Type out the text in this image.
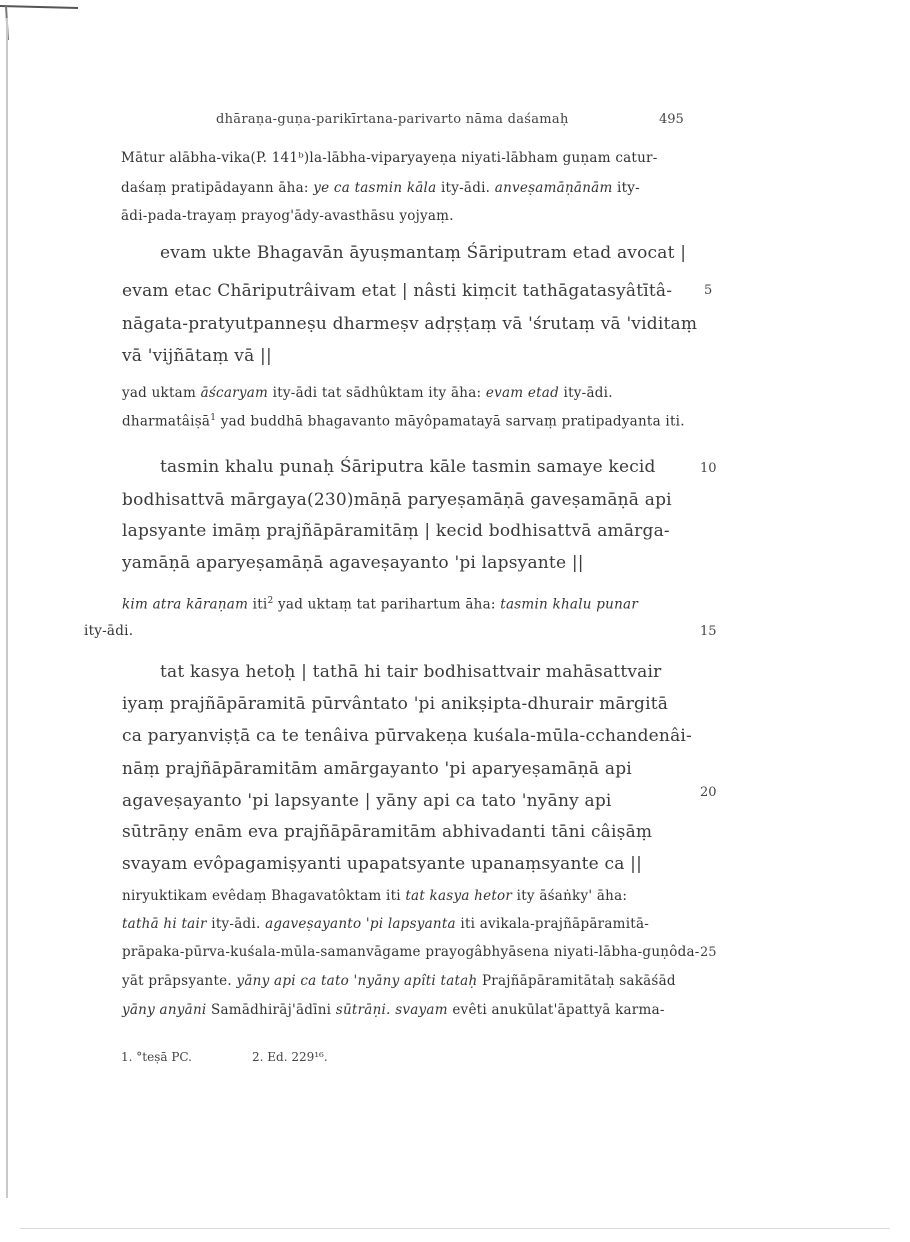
dhāraṇa-guṇa-parikīrtana-parivarto nāma daśamaḥ	495
Mātur alābha-vika(P. 141ᵇ)la-lābha-viparyayeṇa niyati-lābham guṇam catur-
daśaṃ pratipādayann āha: ye ca tasmin kāla ity-ādi. anveṣamāṇānām ity-
ādi-pada-trayaṃ prayog'ādy-avasthāsu yojyaṃ.
evam ukte Bhagavān āyuṣmantaṃ Śāriputram etad avocat |
evam etac Chāriputrâivam etat | nâsti kiṃcit tathāgatasyâtītâ-
nāgata-pratyutpanneṣu dharmeṣv adṛṣṭaṃ vā 'śrutaṃ vā 'viditaṃ
vā 'vijñātaṃ vā ||
5
yad uktam āścaryam ity-ādi tat sādhûktam ity āha: evam etad ity-ādi.
dharmatâiṣā$^1$ yad buddhā bhagavanto māyôpamatayā sarvaṃ pratipadyanta iti.
tasmin khalu punaḥ Śāriputra kāle tasmin samaye kecid
bodhisattvā mārgaya(230)māṇā paryeṣamāṇā gaveṣamāṇā api
lapsyante imāṃ prajñāpāramitāṃ | kecid bodhisattvā amārga-
yamāṇā aparyeṣamāṇā agaveṣayanto 'pi lapsyante ||
10
kim atra kāraṇam iti$^2$ yad uktaṃ tat parihartum āha: tasmin khalu punar
ity-ādi.	15
tat kasya hetoḥ | tathā hi tair bodhisattvair mahāsattvair
iyaṃ prajñāpāramitā pūrvântato 'pi anikṣipta-dhurair mārgitā
ca paryanviṣṭā ca te tenâiva pūrvakeṇa kuśala-mūla-cchandenâi-
nāṃ prajñāpāramitām amārgayanto 'pi aparyeṣamāṇā api
agaveṣayanto 'pi lapsyante | yāny api ca tato 'nyāny api
sūtrāṇy enām eva prajñāpāramitām abhivadanti tāni câiṣāṃ
svayam evôpagamiṣyanti upapatsyante upanaṃsyante ca ||
20
niryuktikam evêdaṃ Bhagavatôktam iti tat kasya hetor ity āśaṅky' āha:
tathā hi tair ity-ādi. agaveṣayanto 'pi lapsyanta iti avikala-prajñāpāramitā-
prāpaka-pūrva-kuśala-mūla-samanvāgame prayogâbhyāsena niyati-lābha-guṇôda-
yāt prāpsyante. yāny api ca tato 'nyāny apîti tataḥ Prajñāpāramitātaḥ sakāśād
yāny anyāni Samādhirāj'ādīni sūtrāṇi. svayam evêti anukūlat'āpattyā karma-
25
1. °teṣā PC.	2. Ed. 229¹⁶.
